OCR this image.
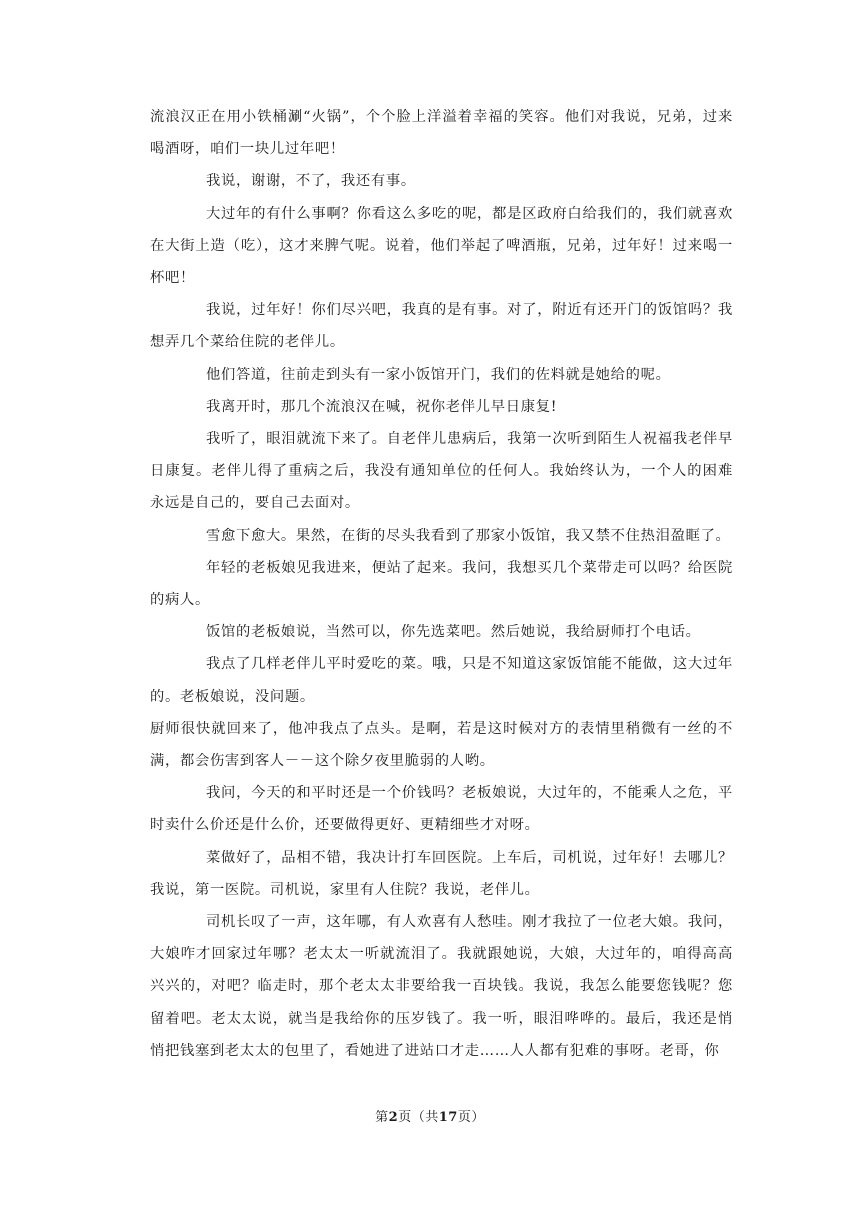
流浪汉正在用小铁桶涮“火锅”，个个脸上洋溢着幸福的笑容。他们对我说，兄弟，过来喝酒呀，咱们一块儿过年吧！

我说，谢谢，不了，我还有事。

大过年的有什么事啊？你看这么多吃的呢，都是区政府白给我们的，我们就喜欢在大街上造（吃），这才来脾气呢。说着，他们举起了啤酒瓶，兄弟，过年好！过来喝一杯吧！

我说，过年好！你们尽兴吧，我真的是有事。对了，附近有还开门的饭馆吗？我想弄几个菜给住院的老伴儿。

他们答道，往前走到头有一家小饭馆开门，我们的佐料就是她给的呢。

我离开时，那几个流浪汉在喊，祝你老伴儿早日康复!

我听了，眼泪就流下来了。自老伴儿患病后，我第一次听到陌生人祝福我老伴早日康复。老伴儿得了重病之后，我没有通知单位的任何人。我始终认为，一个人的困难永远是自己的，要自己去面对。

雪愈下愈大。果然，在街的尽头我看到了那家小饭馆，我又禁不住热泪盈眶了。

年轻的老板娘见我进来，便站了起来。我问，我想买几个菜带走可以吗？给医院的病人。

饭馆的老板娘说，当然可以，你先选菜吧。然后她说，我给厨师打个电话。

我点了几样老伴儿平时爱吃的菜。哦，只是不知道这家饭馆能不能做，这大过年的。老板娘说，没问题。

厨师很快就回来了，他冲我点了点头。是啊，若是这时候对方的表情里稍微有一丝的不满，都会伤害到客人－－这个除夕夜里脆弱的人哟。

我问，今天的和平时还是一个价钱吗？老板娘说，大过年的，不能乘人之危，平时卖什么价还是什么价，还要做得更好、更精细些才对呀。

菜做好了，品相不错，我决计打车回医院。上车后，司机说，过年好！去哪儿？我说，第一医院。司机说，家里有人住院？我说，老伴儿。

司机长叹了一声，这年哪，有人欢喜有人愁哇。刚才我拉了一位老大娘。我问，大娘咋才回家过年哪？老太太一听就流泪了。我就跟她说，大娘，大过年的，咱得高高兴兴的，对吧？临走时，那个老太太非要给我一百块钱。我说，我怎么能要您钱呢？您留着吧。老太太说，就当是我给你的压岁钱了。我一听，眼泪哗哗的。最后，我还是悄悄把钱塞到老太太的包里了，看她进了进站口才走……人人都有犯难的事呀。老哥，你

第2页（共17页）
